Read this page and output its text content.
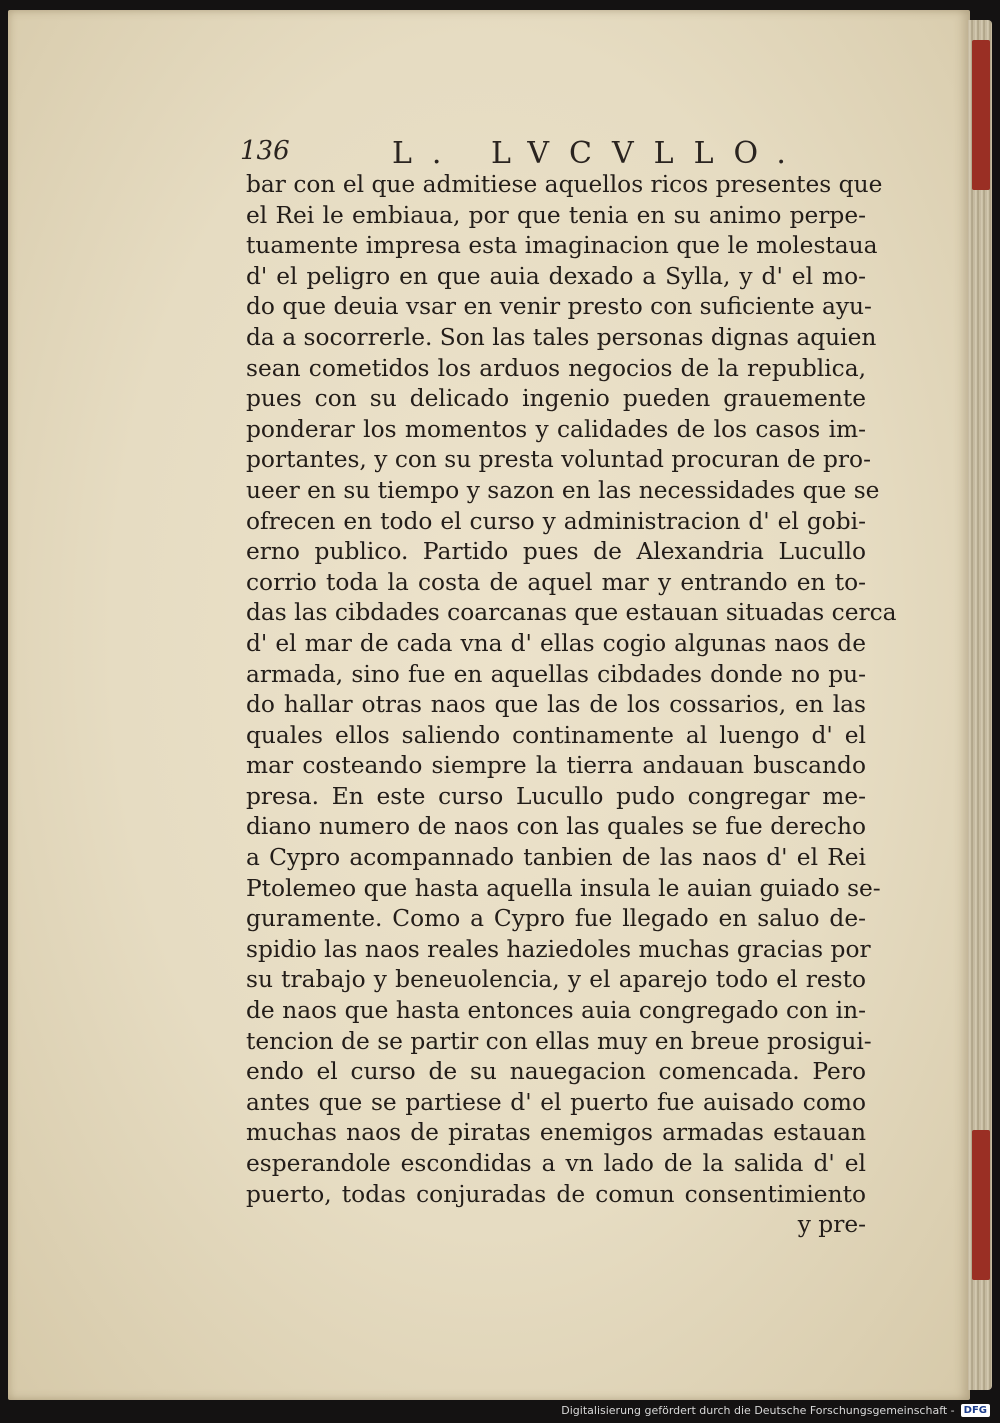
136	L. LVCVLLO.
bar con el que admitiese aquellos ricos presentes que
el Rei le embiaua, por que tenia en su animo perpe-
tuamente impresa esta imaginacion que le molestaua
d' el peligro en que auia dexado a Sylla, y d' el mo-
do que deuia vsar en venir presto con suficiente ayu-
da a socorrerle. Son las tales personas dignas aquien
sean cometidos los arduos negocios de la republica,
pues con su delicado ingenio pueden grauemente
ponderar los momentos y calidades de los casos im-
portantes, y con su presta voluntad procuran de pro-
ueer en su tiempo y sazon en las necessidades que se
ofrecen en todo el curso y administracion d' el gobi-
erno publico. Partido pues de Alexandria Lucullo
corrio toda la costa de aquel mar y entrando en to-
das las cibdades coarcanas que estauan situadas cerca
d' el mar de cada vna d' ellas cogio algunas naos de
armada, sino fue en aquellas cibdades donde no pu-
do hallar otras naos que las de los cossarios, en las
quales ellos saliendo continamente al luengo d' el
mar costeando siempre la tierra andauan buscando
presa. En este curso Lucullo pudo congregar me-
diano numero de naos con las quales se fue derecho
a Cypro acompannado tanbien de las naos d' el Rei
Ptolemeo que hasta aquella insula le auian guiado se-
guramente. Como a Cypro fue llegado en saluo de-
spidio las naos reales haziedoles muchas gracias por
su trabajo y beneuolencia, y el aparejo todo el resto
de naos que hasta entonces auia congregado con in-
tencion de se partir con ellas muy en breue prosigui-
endo el curso de su nauegacion comencada. Pero
antes que se partiese d' el puerto fue auisado como
muchas naos de piratas enemigos armadas estauan
esperandole escondidas a vn lado de la salida d' el
puerto, todas conjuradas de comun consentimiento
y pre-
Digitalisierung gefördert durch die Deutsche Forschungsgemeinschaft - DFG
